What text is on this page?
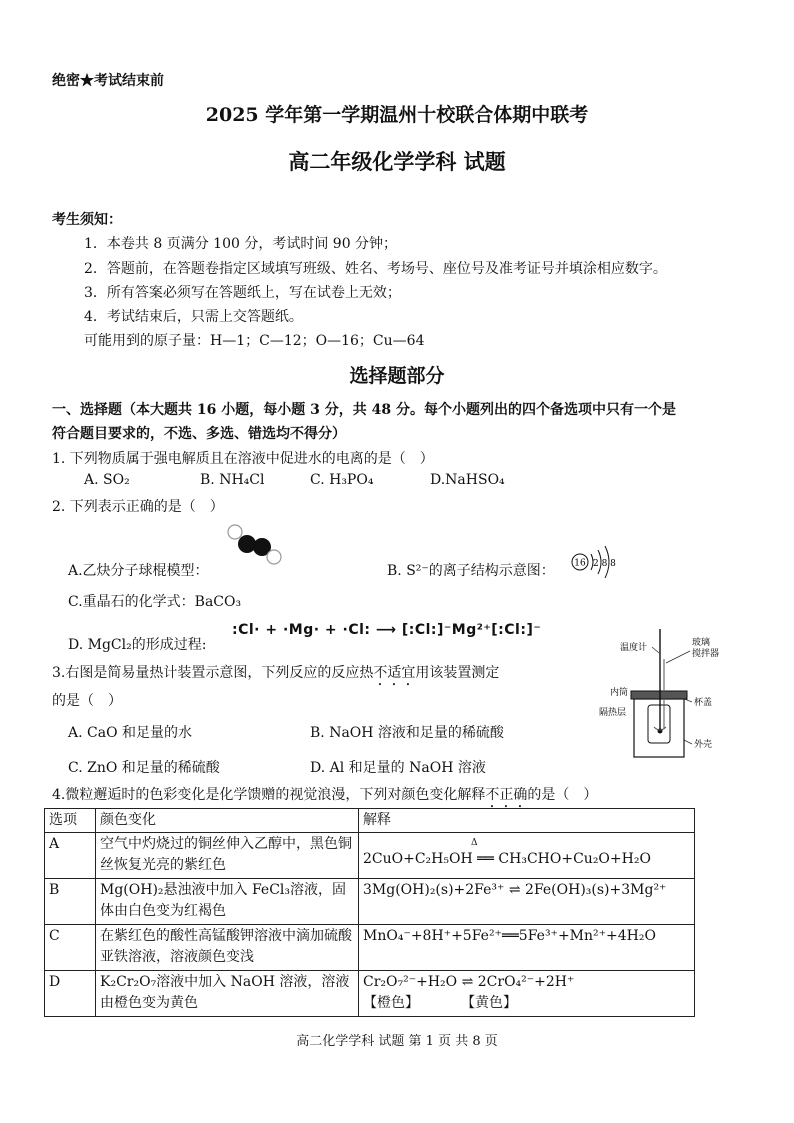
绝密★考试结束前
2025 学年第一学期温州十校联合体期中联考
高二年级化学学科 试题
考生须知：
1．本卷共 8 页满分 100 分，考试时间 90 分钟；
2．答题前，在答题卷指定区域填写班级、姓名、考场号、座位号及准考证号并填涂相应数字。
3．所有答案必须写在答题纸上，写在试卷上无效；
4．考试结束后，只需上交答题纸。
可能用到的原子量：H—1；C—12；O—16；Cu—64
选择题部分
一、选择题（本大题共 16 小题，每小题 3 分，共 48 分。每个小题列出的四个备选项中只有一个是
符合题目要求的，不选、多选、错选均不得分）
1. 下列物质属于强电解质且在溶液中促进水的电离的是（　）
A. SO₂	B. NH₄Cl	C. H₃PO₄	D.NaHSO₄
2. 下列表示正确的是（　）
A.乙炔分子球棍模型：	B. S²⁻的离子结构示意图： 16 2 8 8
C.重晶石的化学式：BaCO₃
D. MgCl₂的形成过程:
:Cl· + ·Mg· + ·Cl: ⟶ [:Cl:]⁻Mg²⁺[:Cl:]⁻
3.右图是简易量热计装置示意图，下列反应的反应热不适宜用该装置测定
的是（　）
A. CaO 和足量的水	B. NaOH 溶液和足量的稀硫酸
C. ZnO 和足量的稀硫酸	D. Al 和足量的 NaOH 溶液
温度计	玻璃
搅拌器
内筒
隔热层
杯盖
外壳
4.微粒邂逅时的色彩变化是化学馈赠的视觉浪漫，下列对颜色变化解释不正确的是（　）
选项	颜色变化	解释
A	空气中灼烧过的铜丝伸入乙醇中，黑色铜丝恢复光亮的紫红色	Δ
2CuO+C₂H₅OH ══ CH₃CHO+Cu₂O+H₂O
B	Mg(OH)₂悬浊液中加入 FeCl₃溶液，固体由白色变为红褐色	3Mg(OH)₂(s)+2Fe³⁺ ⇌ 2Fe(OH)₃(s)+3Mg²⁺
C	在紫红色的酸性高锰酸钾溶液中滴加硫酸亚铁溶液，溶液颜色变浅	MnO₄⁻+8H⁺+5Fe²⁺══5Fe³⁺+Mn²⁺+4H₂O
D	K₂Cr₂O₇溶液中加入 NaOH 溶液，溶液由橙色变为黄色	Cr₂O₇²⁻+H₂O ⇌ 2CrO₄²⁻+2H⁺
【橙色】　　　　【黄色】
高二化学学科 试题 第 1 页 共 8 页
